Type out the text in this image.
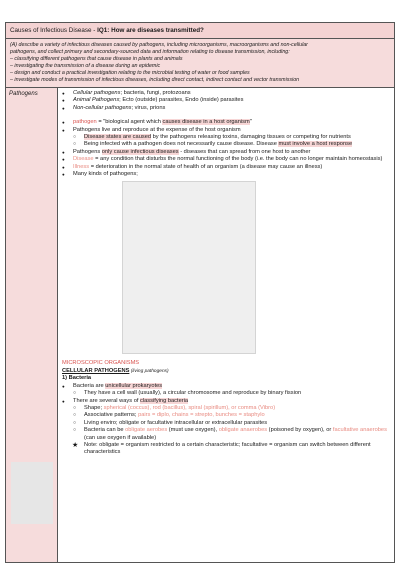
Causes of Infectious Disease - IQ1: How are diseases transmitted?
(A) describe a variety of infectious diseases caused by pathogens, including microorganisms, macroorganisms and non-cellular
pathogens, and collect primary and secondary-sourced data and information relating to disease transmission, including:
– classifying different pathogens that cause disease in plants and animals
– investigating the transmission of a disease during an epidemic
– design and conduct a practical investigation relating to the microbial testing of water or food samples
– investigate modes of transmission of infectious diseases, including direct contact, indirect contact and vector transmission
Pathogens
●	Cellular pathogens; bacteria, fungi, protozoans
● Animal Pathogens; Ecto (outside) parasites, Endo (inside) parasites
● Non-cellular pathogens; virus, prions
● pathogen = "biological agent which causes disease in a host organism"
● Pathogens live and reproduce at the expense of the host organism
○ Disease states are caused by the pathogens releasing toxins, damaging tissues or competing for nutrients
○ Being infected with a pathogen does not necessarily cause disease. Disease must involve a host response
● Pathogens only cause infectious diseases - diseases that can spread from one host to another
● Disease = any condition that disturbs the normal functioning of the body (i.e. the body can no longer maintain homeostasis)
● Illness = deterioration in the normal state of health of an organism (a disease may cause an illness)
● Many kinds of pathogens;
MICROSCOPIC ORGANISMS
CELLULAR PATHOGENS (living pathogens)
1) Bacteria
● Bacteria are unicellular prokaryotes
○ They have a cell wall (usually), a circular chromosome and reproduce by binary fission
● There are several ways of classifying bacteria
○ Shape; spherical (coccus), rod (bacillus), spiral (spirillum), or comma (Vibro)
○ Associative patterns; pairs = diplo, chains = strepto, bunches = staphylo
○ Living enviro; obligate or facultative intracellular or extracellular parasites
○ Bacteria can be obligate aerobes (must use oxygen), obligate anaerobes (poisoned by oxygen), or facultative anaerobes (can use oxygen if available)
★ Note: obligate = organism restricted to a certain characteristic; facultative = organism can switch between different characteristics
